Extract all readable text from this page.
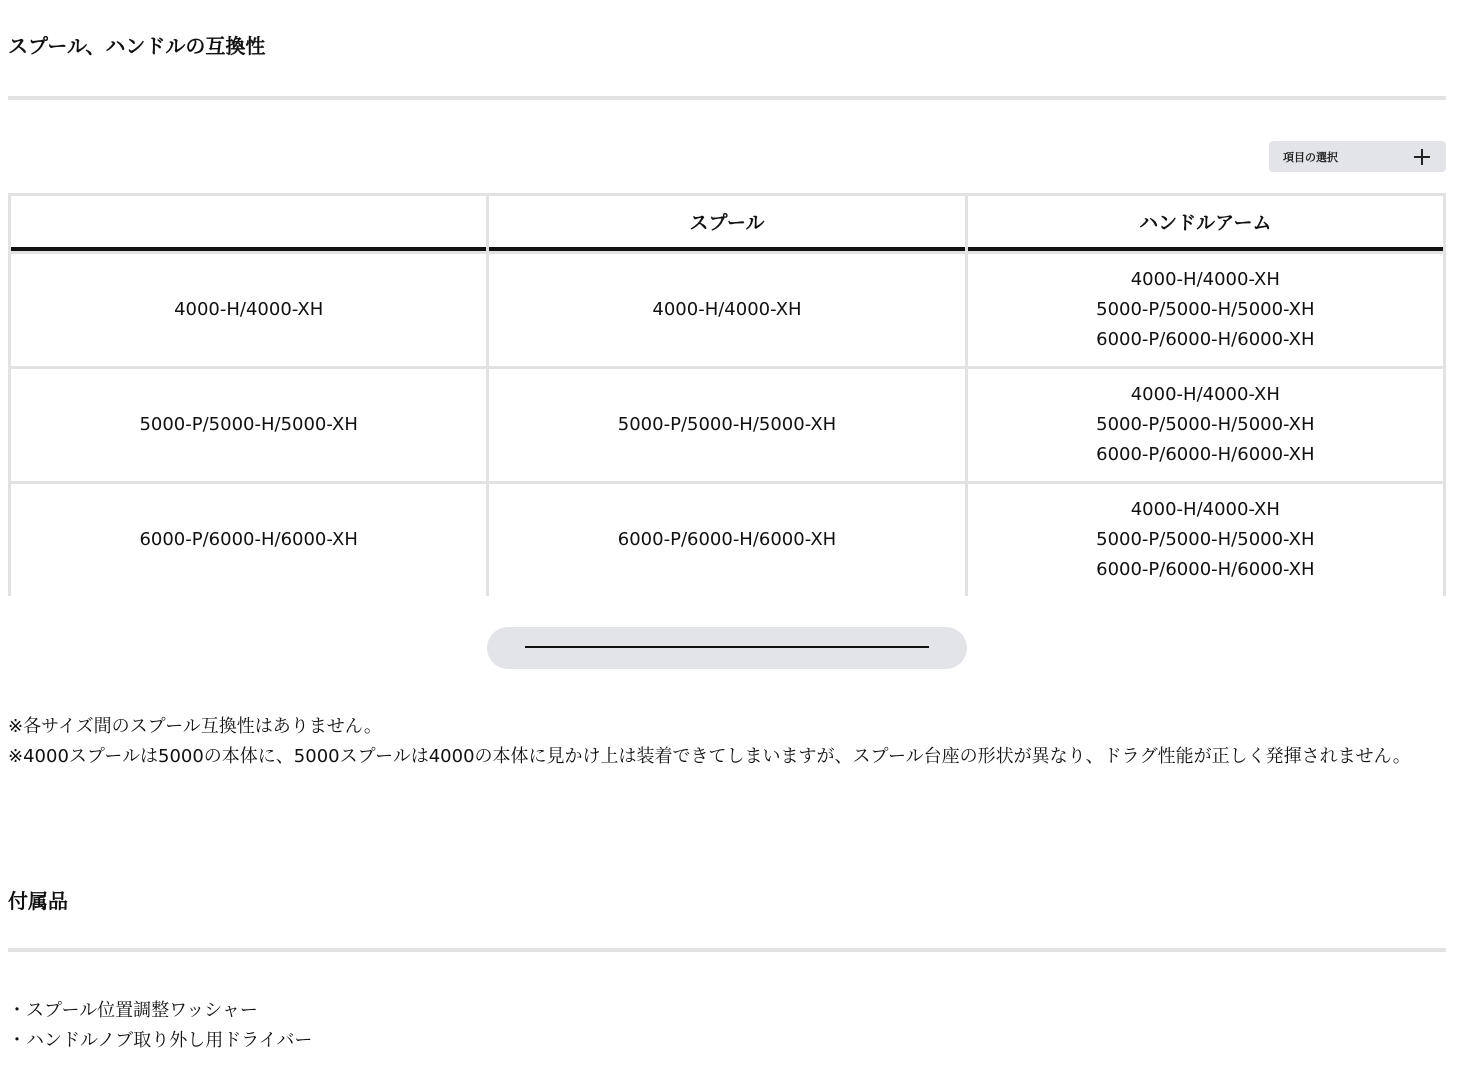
スプール、ハンドルの互換性
項目の選択
	スプール	ハンドルアーム
4000-H/4000-XH	4000-H/4000-XH	4000-H/4000-XH
5000-P/5000-H/5000-XH
6000-P/6000-H/6000-XH

5000-P/5000-H/5000-XH	5000-P/5000-H/5000-XH	4000-H/4000-XH
5000-P/5000-H/5000-XH
6000-P/6000-H/6000-XH

6000-P/6000-H/6000-XH	6000-P/6000-H/6000-XH	4000-H/4000-XH
5000-P/5000-H/5000-XH
6000-P/6000-H/6000-XH

※各サイズ間のスプール互換性はありません。

※4000スプールは5000の本体に、5000スプールは4000の本体に見かけ上は装着できてしまいますが、スプール台座の形状が異なり、ドラグ性能が正しく発揮されません。

付属品
・スプール位置調整ワッシャー
・ハンドルノブ取り外し用ドライバー
